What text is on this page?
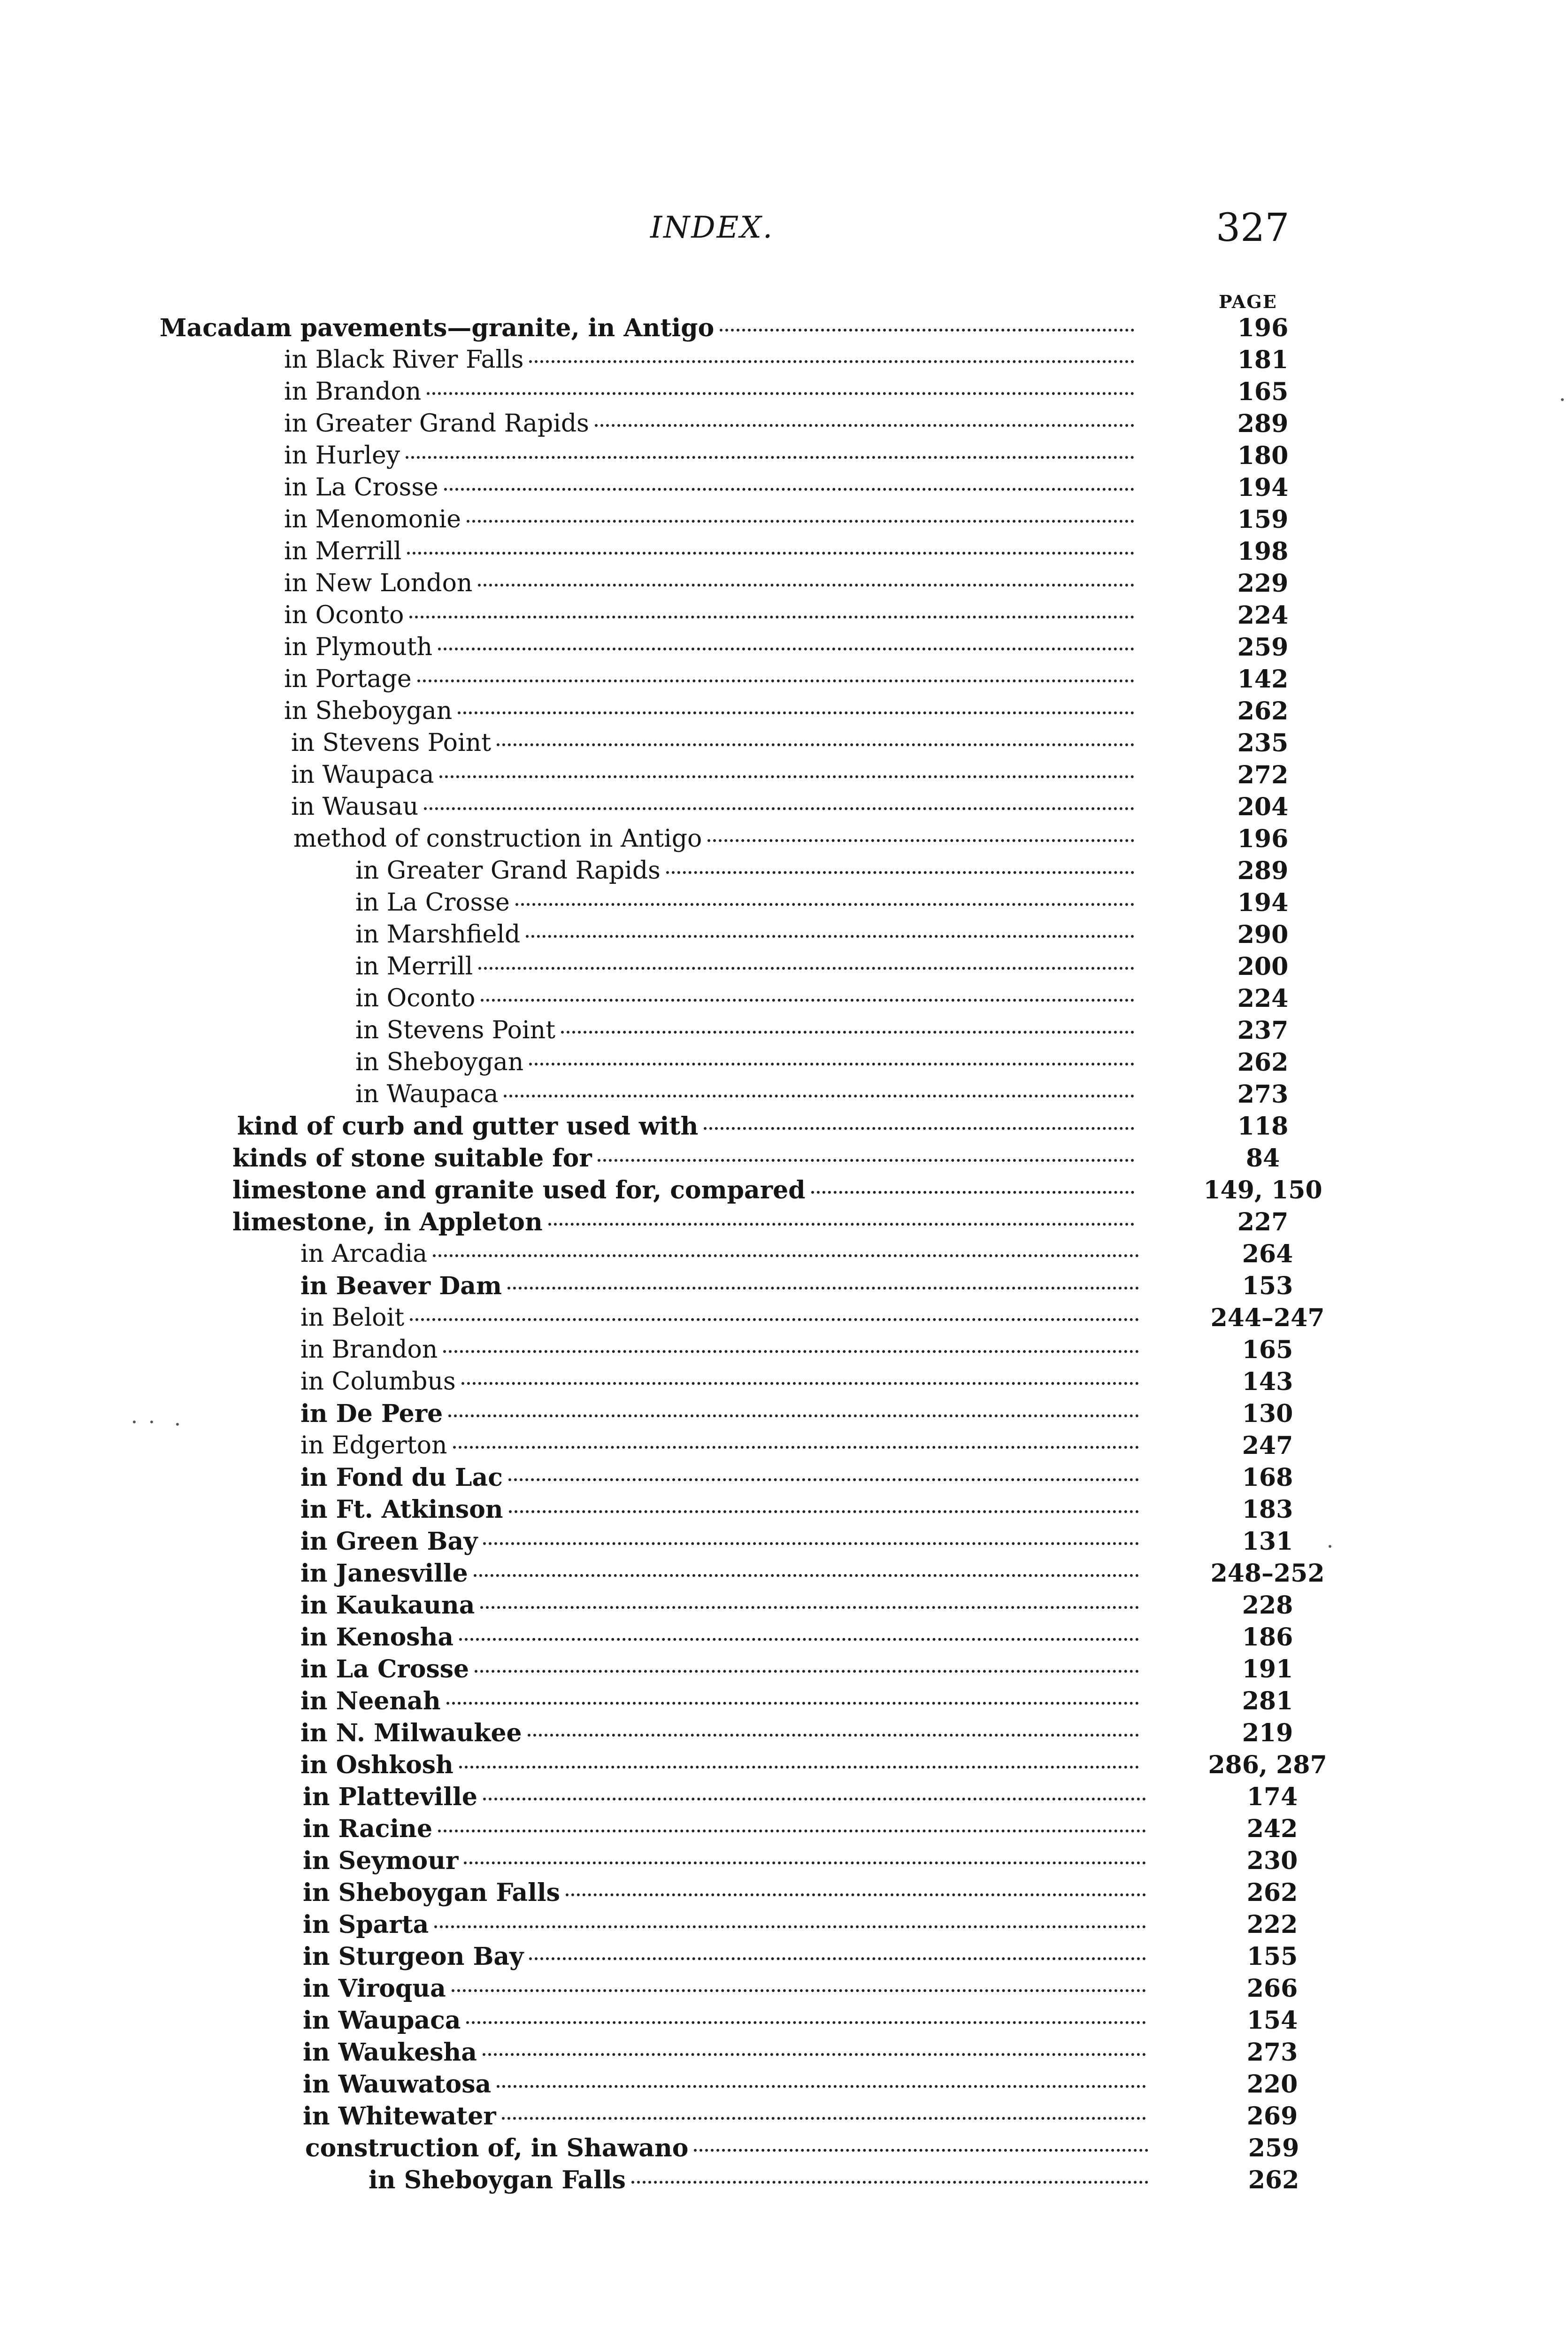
INDEX.	327
PAGE
Macadam pavements—granite, in Antigo	196
in Black River Falls	181
in Brandon	165
in Greater Grand Rapids	289
in Hurley	180
in La Crosse	194
in Menomonie	159
in Merrill	198
in New London	229
in Oconto	224
in Plymouth	259
in Portage	142
in Sheboygan	262
in Stevens Point	235
in Waupaca	272
in Wausau	204
method of construction in Antigo	196
in Greater Grand Rapids	289
in La Crosse	194
in Marshfield	290
in Merrill	200
in Oconto	224
in Stevens Point	237
in Sheboygan	262
in Waupaca	273
kind of curb and gutter used with	118
kinds of stone suitable for	84
limestone and granite used for, compared	149, 150
limestone, in Appleton	227
in Arcadia	264
in Beaver Dam	153
in Beloit	244–247
in Brandon	165
in Columbus	143
in De Pere	130
in Edgerton	247
in Fond du Lac	168
in Ft. Atkinson	183
in Green Bay	131
in Janesville	248–252
in Kaukauna	228
in Kenosha	186
in La Crosse	191
in Neenah	281
in N. Milwaukee	219
in Oshkosh	286, 287
in Platteville	174
in Racine	242
in Seymour	230
in Sheboygan Falls	262
in Sparta	222
in Sturgeon Bay	155
in Viroqua	266
in Waupaca	154
in Waukesha	273
in Wauwatosa	220
in Whitewater	269
construction of, in Shawano	259
in Sheboygan Falls	262
